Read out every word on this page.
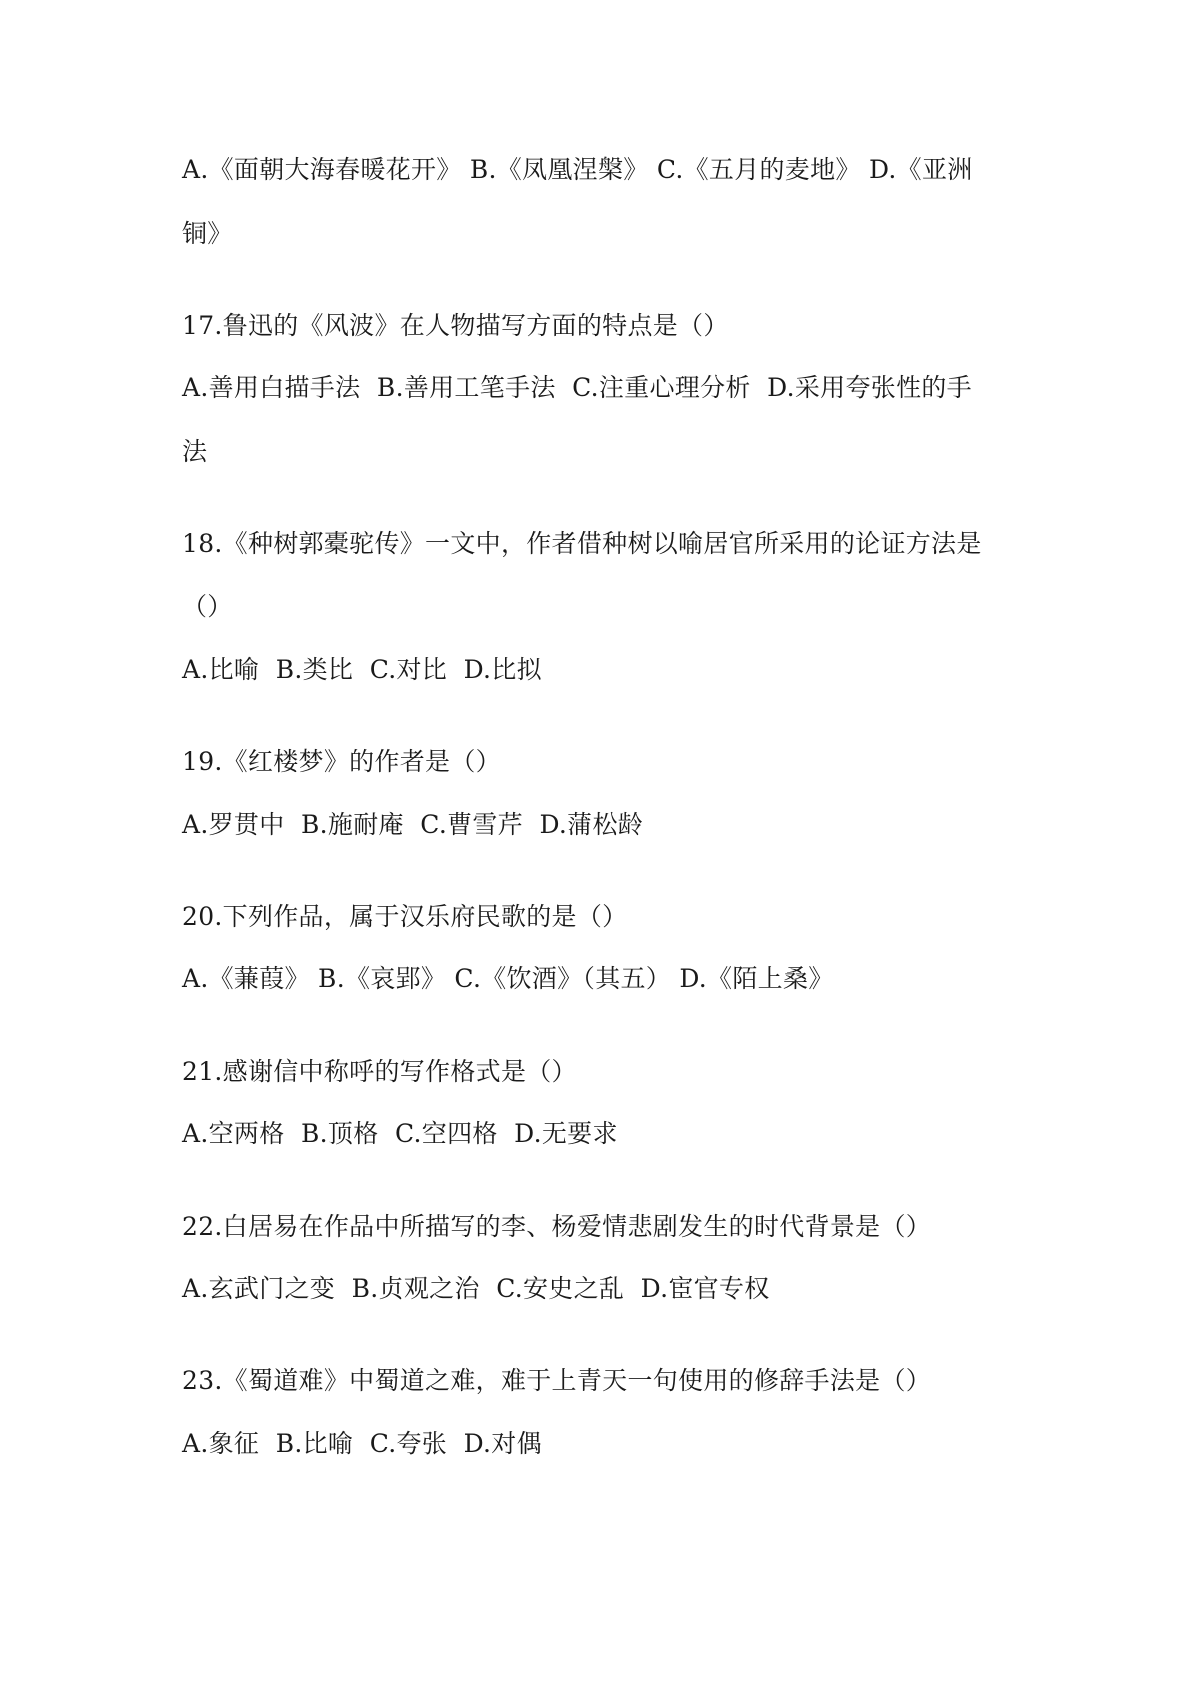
A.《面朝大海春暖花开》 B.《凤凰涅槃》 C.《五月的麦地》 D.《亚洲
铜》
17.鲁迅的《风波》在人物描写方面的特点是（）
A.善用白描手法  B.善用工笔手法  C.注重心理分析  D.采用夸张性的手
法
18.《种树郭橐驼传》一文中，作者借种树以喻居官所采用的论证方法是
（）
A.比喻  B.类比  C.对比  D.比拟
19.《红楼梦》的作者是（）
A.罗贯中  B.施耐庵  C.曹雪芹  D.蒲松龄
20.下列作品，属于汉乐府民歌的是（）
A.《蒹葭》 B.《哀郢》 C.《饮酒》（其五） D.《陌上桑》
21.感谢信中称呼的写作格式是（）
A.空两格  B.顶格  C.空四格  D.无要求
22.白居易在作品中所描写的李、杨爱情悲剧发生的时代背景是（）
A.玄武门之变  B.贞观之治  C.安史之乱  D.宦官专权
23.《蜀道难》中蜀道之难，难于上青天一句使用的修辞手法是（）
A.象征  B.比喻  C.夸张  D.对偶
